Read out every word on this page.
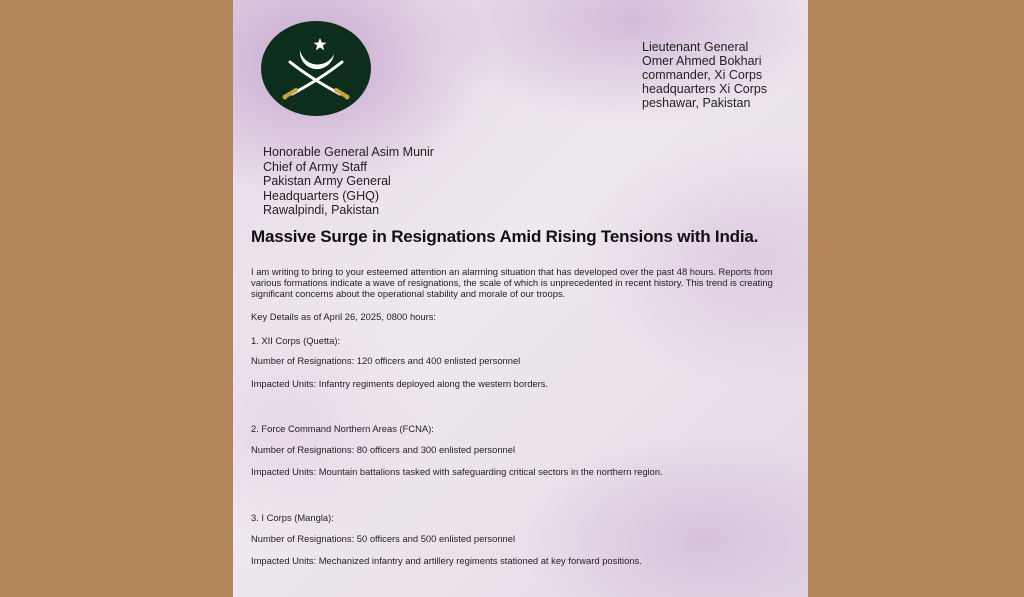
Lieutenant General
Omer Ahmed Bokhari
commander, Xi Corps
headquarters Xi Corps
peshawar, Pakistan
Honorable General Asim Munir
Chief of Army Staff
Pakistan Army General
Headquarters (GHQ)
Rawalpindi, Pakistan
Massive Surge in Resignations Amid Rising Tensions with India.
I am writing to bring to your esteemed attention an alarming situation that has developed over the past 48 hours. Reports from various formations indicate a wave of resignations, the scale of which is unprecedented in recent history. This trend is creating significant concerns about the operational stability and morale of our troops.
Key Details as of April 26, 2025, 0800 hours:
1. XII Corps (Quetta):
Number of Resignations: 120 officers and 400 enlisted personnel
Impacted Units: Infantry regiments deployed along the western borders.
2. Force Command Northern Areas (FCNA):
Number of Resignations: 80 officers and 300 enlisted personnel
Impacted Units: Mountain battalions tasked with safeguarding critical sectors in the northern region.
3. I Corps (Mangla):
Number of Resignations: 50 officers and 500 enlisted personnel
Impacted Units: Mechanized infantry and artillery regiments stationed at key forward positions.
